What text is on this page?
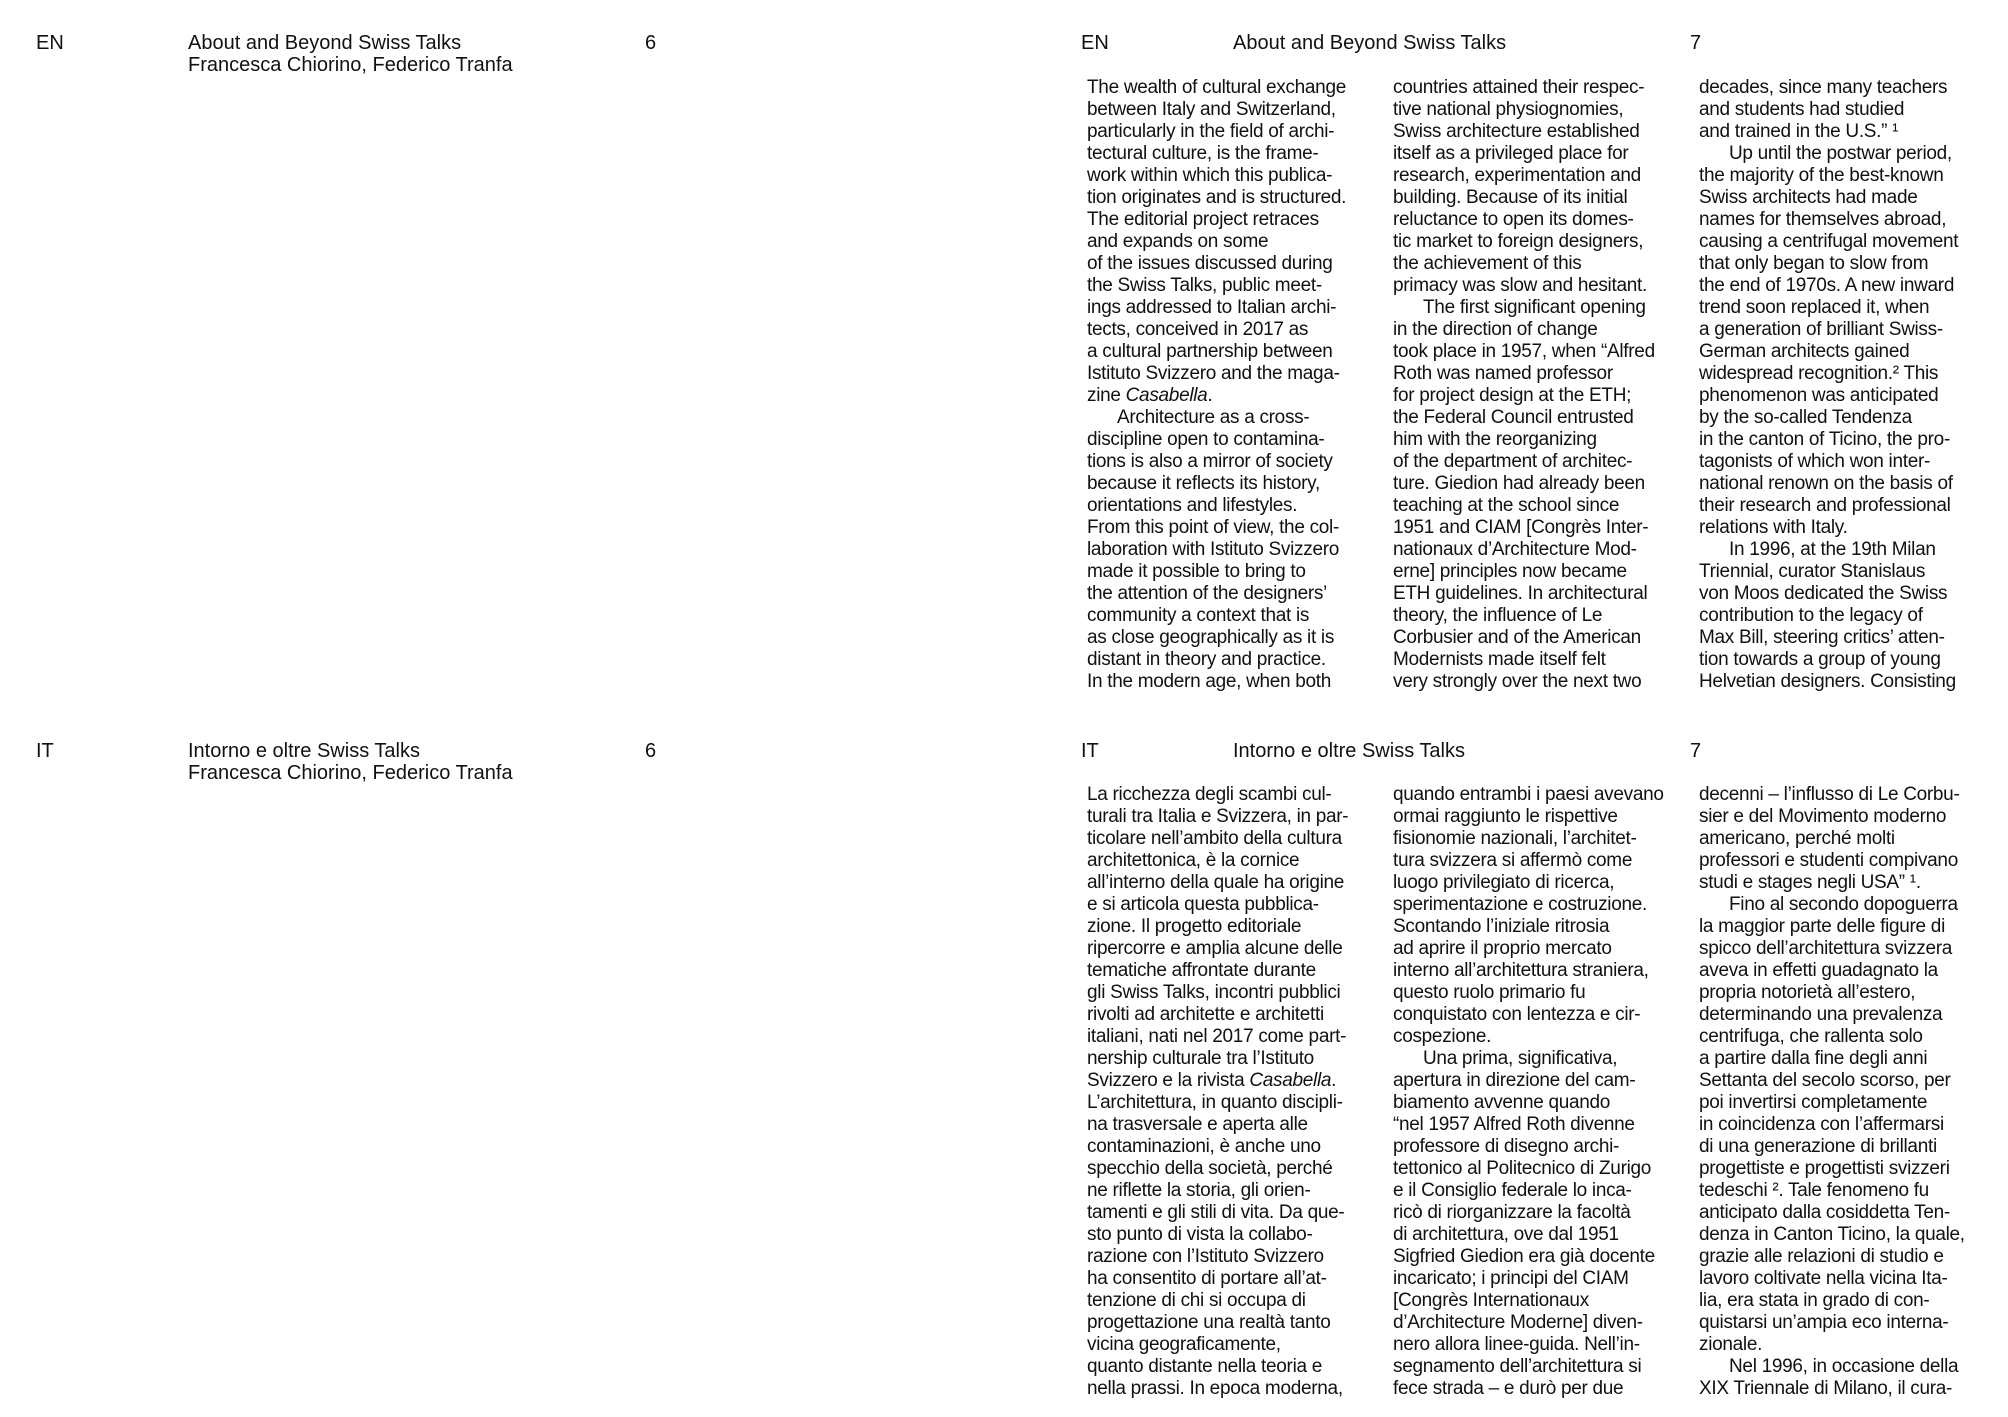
EN	About and Beyond Swiss Talks
Francesca Chiorino, Federico Tranfa
6	EN	About and Beyond Swiss Talks	7
The wealth of cultural exchange
between Italy and Switzerland,
particularly in the field of archi-
tectural culture, is the frame-
work within which this publica-
tion originates and is structured.
The editorial project retraces
and expands on some
of the issues discussed during
the Swiss Talks, public meet-
ings addressed to Italian archi-
tects, conceived in 2017 as
a cultural partnership between
Istituto Svizzero and the maga-
zine Casabella.
Architecture as a cross-
discipline open to contamina-
tions is also a mirror of society
because it reflects its history,
orientations and lifestyles.
From this point of view, the col-
laboration with Istituto Svizzero
made it possible to bring to
the attention of the designers’
community a context that is
as close geographically as it is
distant in theory and practice.
In the modern age, when both
countries attained their respec-
tive national physiognomies,
Swiss architecture established
itself as a privileged place for
research, experimentation and
building. Because of its initial
reluctance to open its domes-
tic market to foreign designers,
the achievement of this
primacy was slow and hesitant.
The first significant opening
in the direction of change
took place in 1957, when “Alfred
Roth was named professor
for project design at the ETH;
the Federal Council entrusted
him with the reorganizing
of the department of architec-
ture. Giedion had already been
teaching at the school since
1951 and CIAM [Congrès Inter-
nationaux d’Architecture Mod-
erne] principles now became
ETH guidelines. In architectural
theory, the influence of Le
Corbusier and of the American
Modernists made itself felt
very strongly over the next two
decades, since many teachers
and students had studied
and trained in the U.S.” ¹
Up until the postwar period,
the majority of the best-known
Swiss architects had made
names for themselves abroad,
causing a centrifugal movement
that only began to slow from
the end of 1970s. A new inward
trend soon replaced it, when
a generation of brilliant Swiss-
German architects gained
widespread recognition.² This
phenomenon was anticipated
by the so-called Tendenza
in the canton of Ticino, the pro-
tagonists of which won inter-
national renown on the basis of
their research and professional
relations with Italy.
In 1996, at the 19th Milan
Triennial, curator Stanislaus
von Moos dedicated the Swiss
contribution to the legacy of
Max Bill, steering critics’ atten-
tion towards a group of young
Helvetian designers. Consisting
IT	Intorno e oltre Swiss Talks
Francesca Chiorino, Federico Tranfa
6	IT	Intorno e oltre Swiss Talks	7
La ricchezza degli scambi cul-
turali tra Italia e Svizzera, in par-
ticolare nell’ambito della cultura
architettonica, è la cornice
all’interno della quale ha origine
e si articola questa pubblica-
zione. Il progetto editoriale
ripercorre e amplia alcune delle
tematiche affrontate durante
gli Swiss Talks, incontri pubblici
rivolti ad architette e architetti
italiani, nati nel 2017 come part-
nership culturale tra l’Istituto
Svizzero e la rivista Casabella.
L’architettura, in quanto discipli-
na trasversale e aperta alle
contaminazioni, è anche uno
specchio della società, perché
ne riflette la storia, gli orien-
tamenti e gli stili di vita. Da que-
sto punto di vista la collabo-
razione con l’Istituto Svizzero
ha consentito di portare all’at-
tenzione di chi si occupa di
progettazione una realtà tanto
vicina geograficamente,
quanto distante nella teoria e
nella prassi. In epoca moderna,
quando entrambi i paesi avevano
ormai raggiunto le rispettive
fisionomie nazionali, l’architet-
tura svizzera si affermò come
luogo privilegiato di ricerca,
sperimentazione e costruzione.
Scontando l’iniziale ritrosia
ad aprire il proprio mercato
interno all’architettura straniera,
questo ruolo primario fu
conquistato con lentezza e cir-
cospezione.
Una prima, significativa,
apertura in direzione del cam-
biamento avvenne quando
“nel 1957 Alfred Roth divenne
professore di disegno archi-
tettonico al Politecnico di Zurigo
e il Consiglio federale lo inca-
ricò di riorganizzare la facoltà
di architettura, ove dal 1951
Sigfried Giedion era già docente
incaricato; i principi del CIAM
[Congrès Internationaux
d’Architecture Moderne] diven-
nero allora linee-guida. Nell’in-
segnamento dell’architettura si
fece strada – e durò per due
decenni – l’influsso di Le Corbu-
sier e del Movimento moderno
americano, perché molti
professori e studenti compivano
studi e stages negli USA” ¹.
Fino al secondo dopoguerra
la maggior parte delle figure di
spicco dell’architettura svizzera
aveva in effetti guadagnato la
propria notorietà all’estero,
determinando una prevalenza
centrifuga, che rallenta solo
a partire dalla fine degli anni
Settanta del secolo scorso, per
poi invertirsi completamente
in coincidenza con l’affermarsi
di una generazione di brillanti
progettiste e progettisti svizzeri
tedeschi ². Tale fenomeno fu
anticipato dalla cosiddetta Ten-
denza in Canton Ticino, la quale,
grazie alle relazioni di studio e
lavoro coltivate nella vicina Ita-
lia, era stata in grado di con-
quistarsi un’ampia eco interna-
zionale.
Nel 1996, in occasione della
XIX Triennale di Milano, il cura-
